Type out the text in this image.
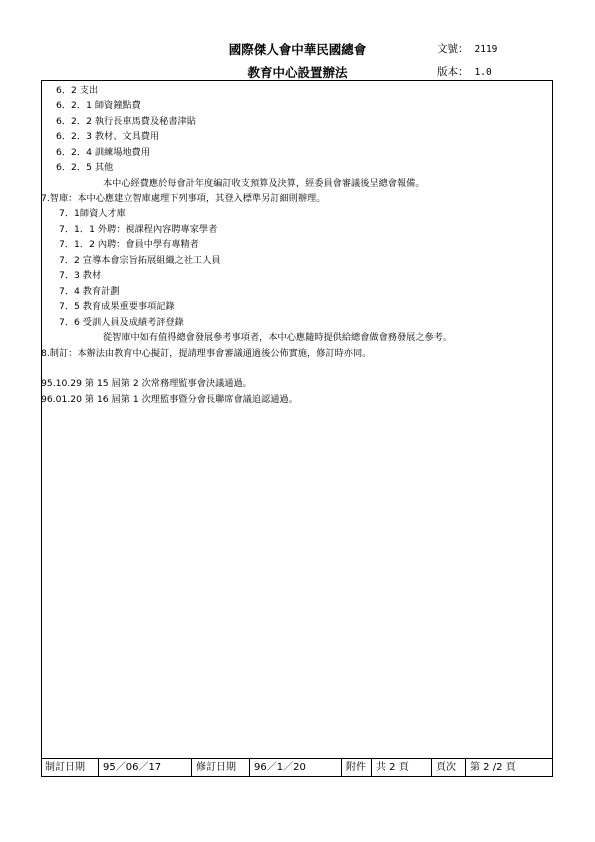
國際傑人會中華民國總會
教育中心設置辦法
文號： 2119
版本： 1.0
6．2 支出
6．2．1 師資鐘點費
6．2．2 執行長車馬費及秘書津貼
6．2．3 教材、文具費用
6．2．4 訓練場地費用
6．2．5 其他
本中心經費應於每會計年度編訂收支預算及決算，經委員會審議後呈總會報備。
7.智庫：本中心應建立智庫處理下列事項，其登入標準另訂細則辦理。
7．1師資人才庫
7．1．1 外聘：視課程內容聘專家學者
7．1．2 內聘：會員中學有專精者
7．2 宣導本會宗旨拓展組織之社工人員
7．3 教材
7．4 教育計劃
7．5 教育成果重要事項記錄
7．6 受訓人員及成績考評登錄
從智庫中如有值得總會發展參考事項者，本中心應隨時提供給總會做會務發展之參考。
8.制訂：本辦法由教育中心擬訂，提請理事會審議通過後公佈實施，修訂時亦同。
95.10.29 第 15 屆第 2 次常務理監事會決議通過。
96.01.20 第 16 屆第 1 次理監事暨分會長聯席會議追認通過。
制訂日期	95／06／17	修訂日期	96／1／20	附件	共 2 頁	頁次	第 2 /2 頁
